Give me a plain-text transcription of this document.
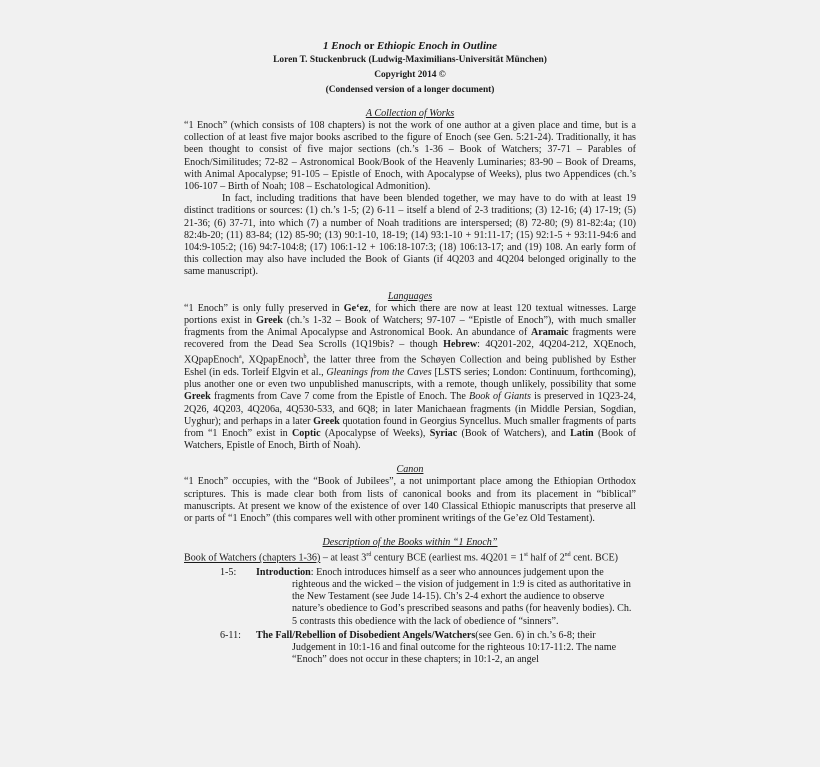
1 Enoch or Ethiopic Enoch in Outline

Loren T. Stuckenbruck (Ludwig-Maximilians-Universität München)

Copyright 2014 ©

(Condensed version of a longer document)

A Collection of Works

“1 Enoch” (which consists of 108 chapters) is not the work of one author at a given place and time, but is a collection of at least five major books ascribed to the figure of Enoch (see Gen. 5:21-24). Traditionally, it has been thought to consist of five major sections (ch.’s 1-36 – Book of Watchers; 37-71 – Parables of Enoch/Similitudes; 72-82 – Astronomical Book/Book of the Heavenly Luminaries; 83-90 – Book of Dreams, with Animal Apocalypse; 91-105 – Epistle of Enoch, with Apocalypse of Weeks), plus two Appendices (ch.’s 106-107 – Birth of Noah; 108 – Eschatological Admonition).

In fact, including traditions that have been blended together, we may have to do with at least 19 distinct traditions or sources: (1) ch.’s 1-5; (2) 6-11 – itself a blend of 2-3 traditions; (3) 12-16; (4) 17-19; (5) 21-36; (6) 37-71, into which (7) a number of Noah traditions are interspersed; (8) 72-80; (9) 81-82:4a; (10) 82:4b-20; (11) 83-84; (12) 85-90; (13) 90:1-10, 18-19; (14) 93:1-10 + 91:11-17; (15) 92:1-5 + 93:11-94:6 and 104:9-105:2; (16) 94:7-104:8; (17) 106:1-12 + 106:18-107:3; (18) 106:13-17; and (19) 108. An early form of this collection may also have included the Book of Giants (if 4Q203 and 4Q204 belonged originally to the same manuscript).

Languages

“1 Enoch” is only fully preserved in Ge‘ez, for which there are now at least 120 textual witnesses. Large portions exist in Greek (ch.’s 1-32 – Book of Watchers; 97-107 – “Epistle of Enoch”), with much smaller fragments from the Animal Apocalypse and Astronomical Book. An abundance of Aramaic fragments were recovered from the Dead Sea Scrolls (1Q19bis? – though Hebrew: 4Q201-202, 4Q204-212, XQEnoch, XQpapEnoch$^a$, XQpapEnoch$^b$, the latter three from the Schøyen Collection and being published by Esther Eshel (in eds. Torleif Elgvin et al., Gleanings from the Caves [LSTS series; London: Continuum, forthcoming), plus another one or even two unpublished manuscripts, with a remote, though unlikely, possibility that some Greek fragments from Cave 7 come from the Epistle of Enoch. The Book of Giants is preserved in 1Q23-24, 2Q26, 4Q203, 4Q206a, 4Q530-533, and 6Q8; in later Manichaean fragments (in Middle Persian, Sogdian, Uyghur); and perhaps in a later Greek quotation found in Georgius Syncellus. Much smaller fragments of parts from “1 Enoch” exist in Coptic (Apocalypse of Weeks), Syriac (Book of Watchers), and Latin (Book of Watchers, Epistle of Enoch, Birth of Noah).

Canon

“1 Enoch” occupies, with the “Book of Jubilees”, a not unimportant place among the Ethiopian Orthodox scriptures. This is made clear both from lists of canonical books and from its placement in “biblical” manuscripts. At present we know of the existence of over 140 Classical Ethiopic manuscripts that preserve all or parts of “1 Enoch” (this compares well with other prominent writings of the Ge’ez Old Testament).

Description of the Books within “1 Enoch”

Book of Watchers (chapters 1-36) – at least 3rd century BCE (earliest ms. 4Q201 = 1st half of 2nd cent. BCE)

1-5: Introduction : Enoch introduces himself as a seer who announces judgement upon the righteous and the wicked – the vision of judgement in 1:9 is cited as authoritative in the New Testament (see Jude 14-15). Ch’s 2-4 exhort the audience to observe nature’s obedience to God’s prescribed seasons and paths (for heavenly bodies). Ch. 5 contrasts this obedience with the lack of obedience of “sinners”.

6-11: The Fall/Rebellion of Disobedient Angels/Watchers (see Gen. 6) in ch.’s 6-8; their Judgement in 10:1-16 and final outcome for the righteous 10:17-11:2. The name “Enoch” does not occur in these chapters; in 10:1-2, an angel
